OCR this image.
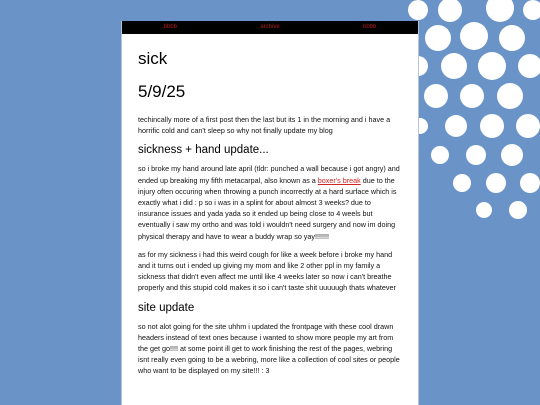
bbbb	archive	bbbb
sick
5/9/25

techincally more of a first post then the last but its 1 in the morning and i have a horrific cold and can't sleep so why not finally update my blog

sickness + hand update...

so i broke my hand around late april (tldr: punched a wall because i got angry) and ended up breaking my fifth metacarpal, also known as a boxer's break due to the injury often occuring when throwing a punch incorrectly at a hard surface which is exactly what i did : p so i was in a splint for about almost 3 weeks? due to insurance issues and yada yada so it ended up being close to 4 weels but eventually i saw my ortho and was told i wouldn't need surgery and now im doing physical therapy and have to wear a buddy wrap so yay!!!!!!!

as for my sickness i had this weird cough for like a week before i broke my hand and it turns out i ended up giving my mom and like 2 other ppl in my family a sickness that didn't even affect me until like 4 weeks later so now i can't breathe properly and this stupid cold makes it so i can't taste shit uuuuugh thats whatever

site update

so not alot going for the site uhhm i updated the frontpage with these cool drawn headers instead of text ones because i wanted to show more people my art from the get go!!!! at some point ill get to work finishing the rest of the pages, webring isnt really even going to be a webring, more like a collection of cool sites or people who want to be displayed on my site!!! : 3
